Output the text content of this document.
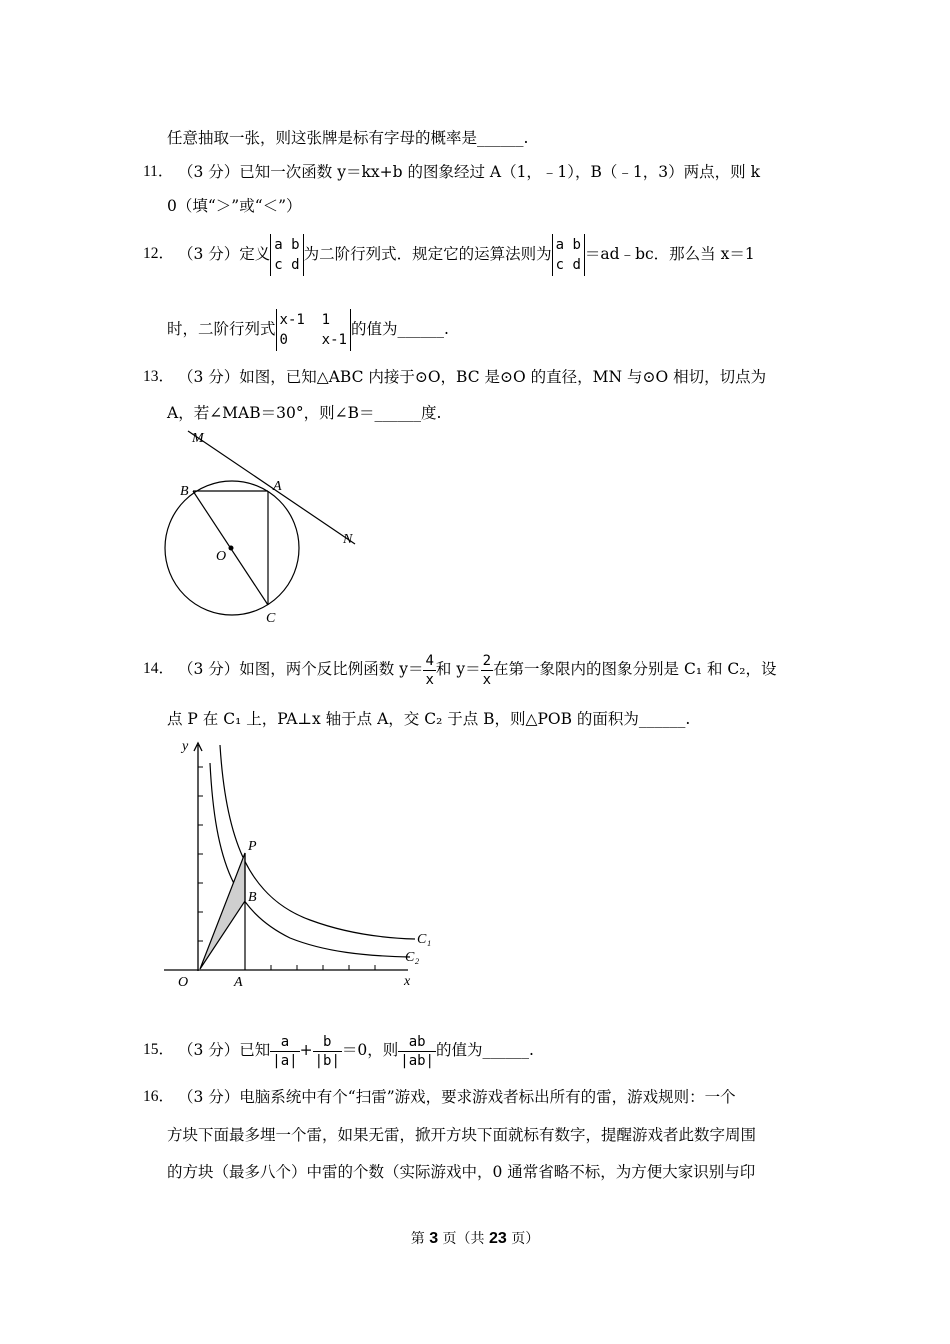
任意抽取一张，则这张牌是标有字母的概率是______.
11． （3 分）已知一次函数 y＝kx+b 的图象经过 A（1，﹣1），B（﹣1，3）两点，则 k
0（填“＞”或“＜”）
12． （3 分）定义 a b
c d
为二阶行列式．规定它的运算法则为 a b
c d
＝ad﹣bc．那么当 x＝1
时，二阶行列式 x-1  1
0    x-1
的值为______.
13． （3 分）如图，已知△ABC 内接于⊙O，BC 是⊙O 的直径，MN 与⊙O 相切，切点为
A，若∠MAB＝30°，则∠B＝______度.
M
N
A
B
C
O
14． （3 分）如图，两个反比例函数 $y= \frac{4}{x}$ 和 $y= \frac{2}{x}$ 在第一象限内的图象分别是 C₁ 和 C₂，设
点 P 在 C₁ 上，PA⊥x 轴于点 A，交 C₂ 于点 B，则△POB 的面积为______.
y
x
O	A
P
B
C₁
C₂
15． （3 分）已知 $\frac{a}{|a|} + \frac{b}{|b|} =0$，则 $\frac{ab}{|ab|}$ 的值为______.
16． （3 分）电脑系统中有个“扫雷”游戏，要求游戏者标出所有的雷，游戏规则：一个
方块下面最多埋一个雷，如果无雷，掀开方块下面就标有数字，提醒游戏者此数字周围
的方块（最多八个）中雷的个数（实际游戏中，0 通常省略不标，为方便大家识别与印
第 3 页（共 23 页）
